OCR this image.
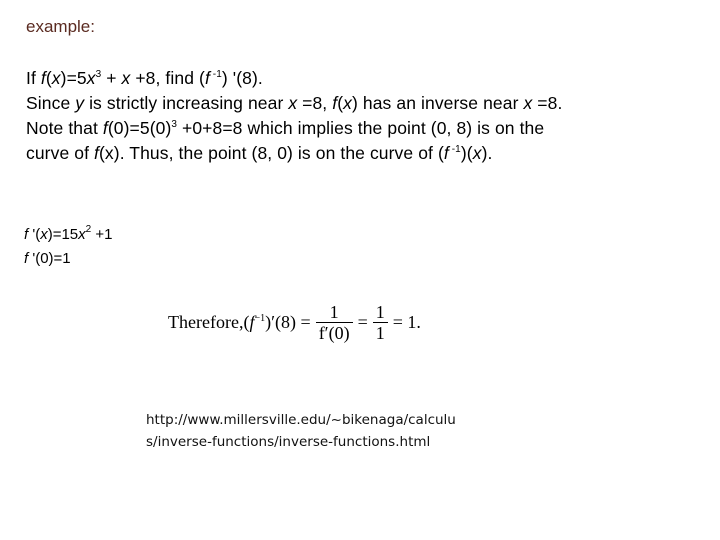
example:
If $f(x)=5x^3 + x +8$, find (f $^{-1}$) '(8).
Since y is strictly increasing near x =8, f(x) has an inverse near x =8.
Note that $f(0)=5(0)^3 +0+8=8$ which implies the point (0, 8) is on the
curve of f(x). Thus, the point (8, 0) is on the curve of (f $^{-1}$)(x).
f '$(x)=15x^2 +1$
f '(0)=1
Therefore, $(f^{-1})'(8) = \frac{1}{f'(0)} = \frac{1}{1} = 1$.
http://www.millersville.edu/~bikenaga/calculu
s/inverse-functions/inverse-functions.html
